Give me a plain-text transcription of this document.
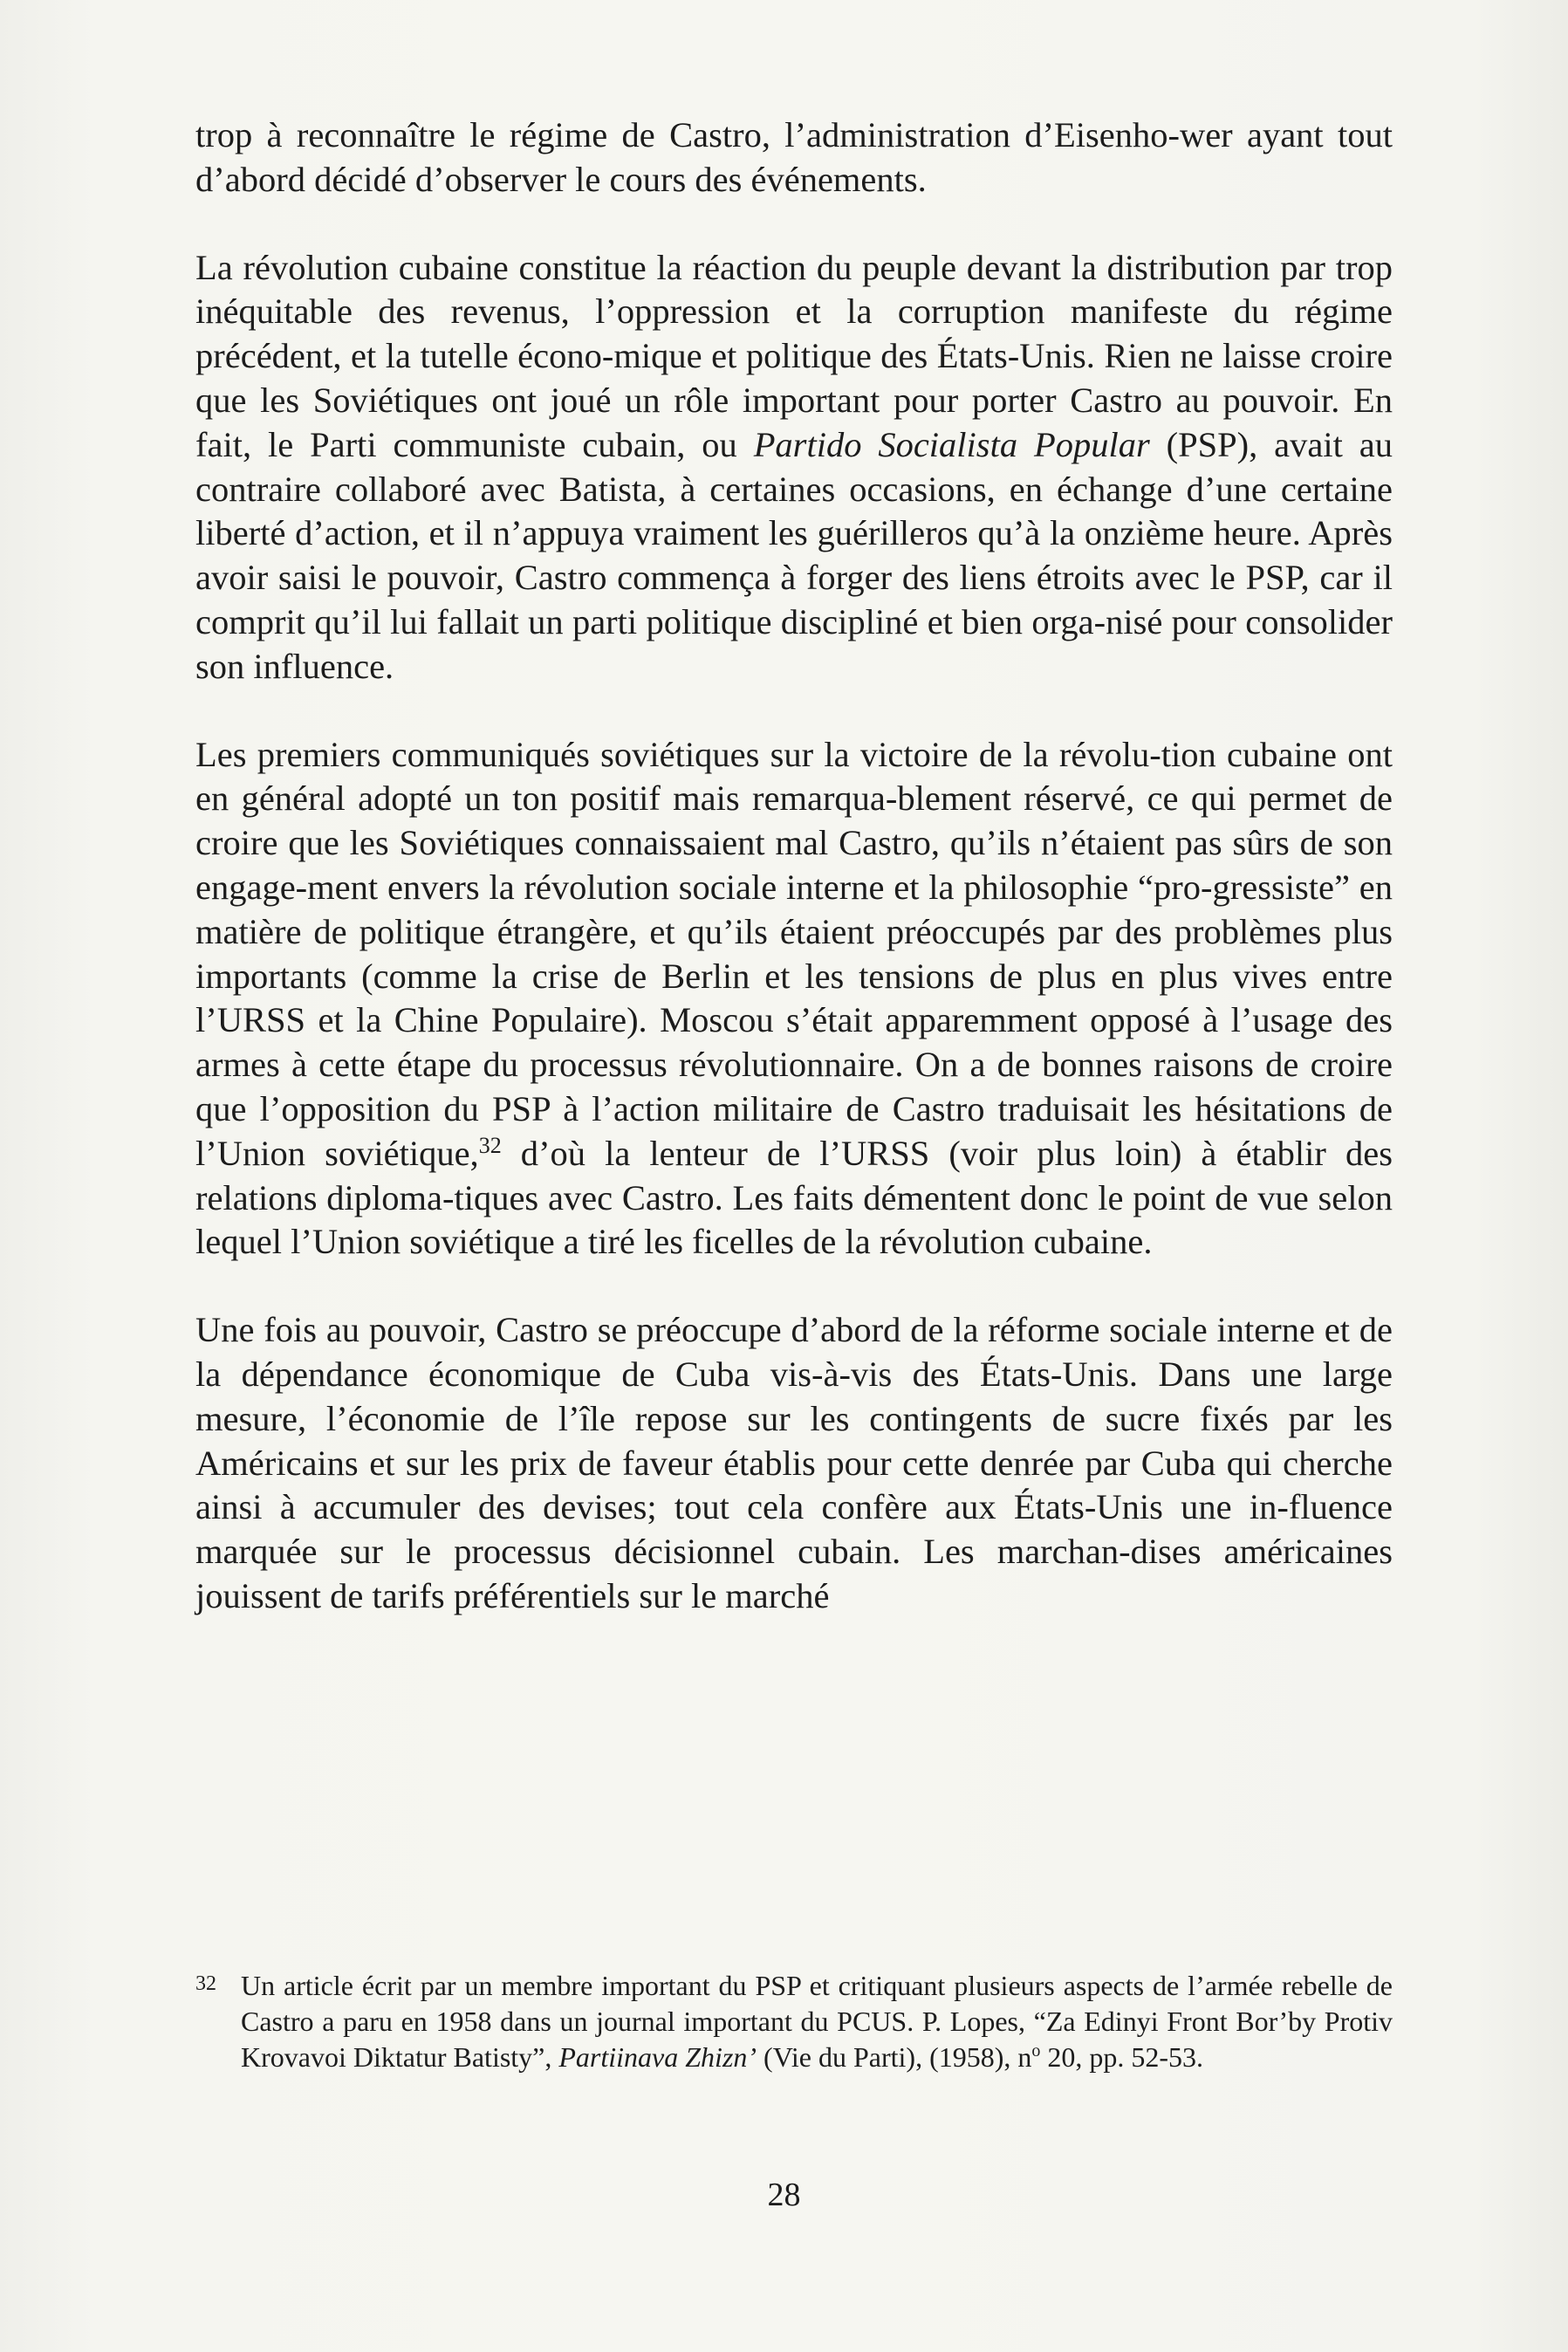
trop à reconnaître le régime de Castro, l’administration d’Eisenho-wer ayant tout d’abord décidé d’observer le cours des événements.

La révolution cubaine constitue la réaction du peuple devant la distribution par trop inéquitable des revenus, l’oppression et la corruption manifeste du régime précédent, et la tutelle écono-mique et politique des États-Unis. Rien ne laisse croire que les Soviétiques ont joué un rôle important pour porter Castro au pouvoir. En fait, le Parti communiste cubain, ou Partido Socialista Popular (PSP), avait au contraire collaboré avec Batista, à certaines occasions, en échange d’une certaine liberté d’action, et il n’appuya vraiment les guérilleros qu’à la onzième heure. Après avoir saisi le pouvoir, Castro commença à forger des liens étroits avec le PSP, car il comprit qu’il lui fallait un parti politique discipliné et bien orga-nisé pour consolider son influence.

Les premiers communiqués soviétiques sur la victoire de la révolu-tion cubaine ont en général adopté un ton positif mais remarqua-blement réservé, ce qui permet de croire que les Soviétiques connaissaient mal Castro, qu’ils n’étaient pas sûrs de son engage-ment envers la révolution sociale interne et la philosophie “pro-gressiste” en matière de politique étrangère, et qu’ils étaient préoccupés par des problèmes plus importants (comme la crise de Berlin et les tensions de plus en plus vives entre l’URSS et la Chine Populaire). Moscou s’était apparemment opposé à l’usage des armes à cette étape du processus révolutionnaire. On a de bonnes raisons de croire que l’opposition du PSP à l’action militaire de Castro traduisait les hésitations de l’Union soviétique,$^{32}$ d’où la lenteur de l’URSS (voir plus loin) à établir des relations diploma-tiques avec Castro. Les faits démentent donc le point de vue selon lequel l’Union soviétique a tiré les ficelles de la révolution cubaine.

Une fois au pouvoir, Castro se préoccupe d’abord de la réforme sociale interne et de la dépendance économique de Cuba vis-à-vis des États-Unis. Dans une large mesure, l’économie de l’île repose sur les contingents de sucre fixés par les Américains et sur les prix de faveur établis pour cette denrée par Cuba qui cherche ainsi à accumuler des devises; tout cela confère aux États-Unis une in-fluence marquée sur le processus décisionnel cubain. Les marchan-dises américaines jouissent de tarifs préférentiels sur le marché

32 Un article écrit par un membre important du PSP et critiquant plusieurs aspects de l’armée rebelle de Castro a paru en 1958 dans un journal important du PCUS. P. Lopes, “Za Edinyi Front Bor’by Protiv Krovavoi Diktatur Batisty”, Partiinava Zhizn’ (Vie du Parti), (1958), $n^o$ 20, pp. 52-53.
28
